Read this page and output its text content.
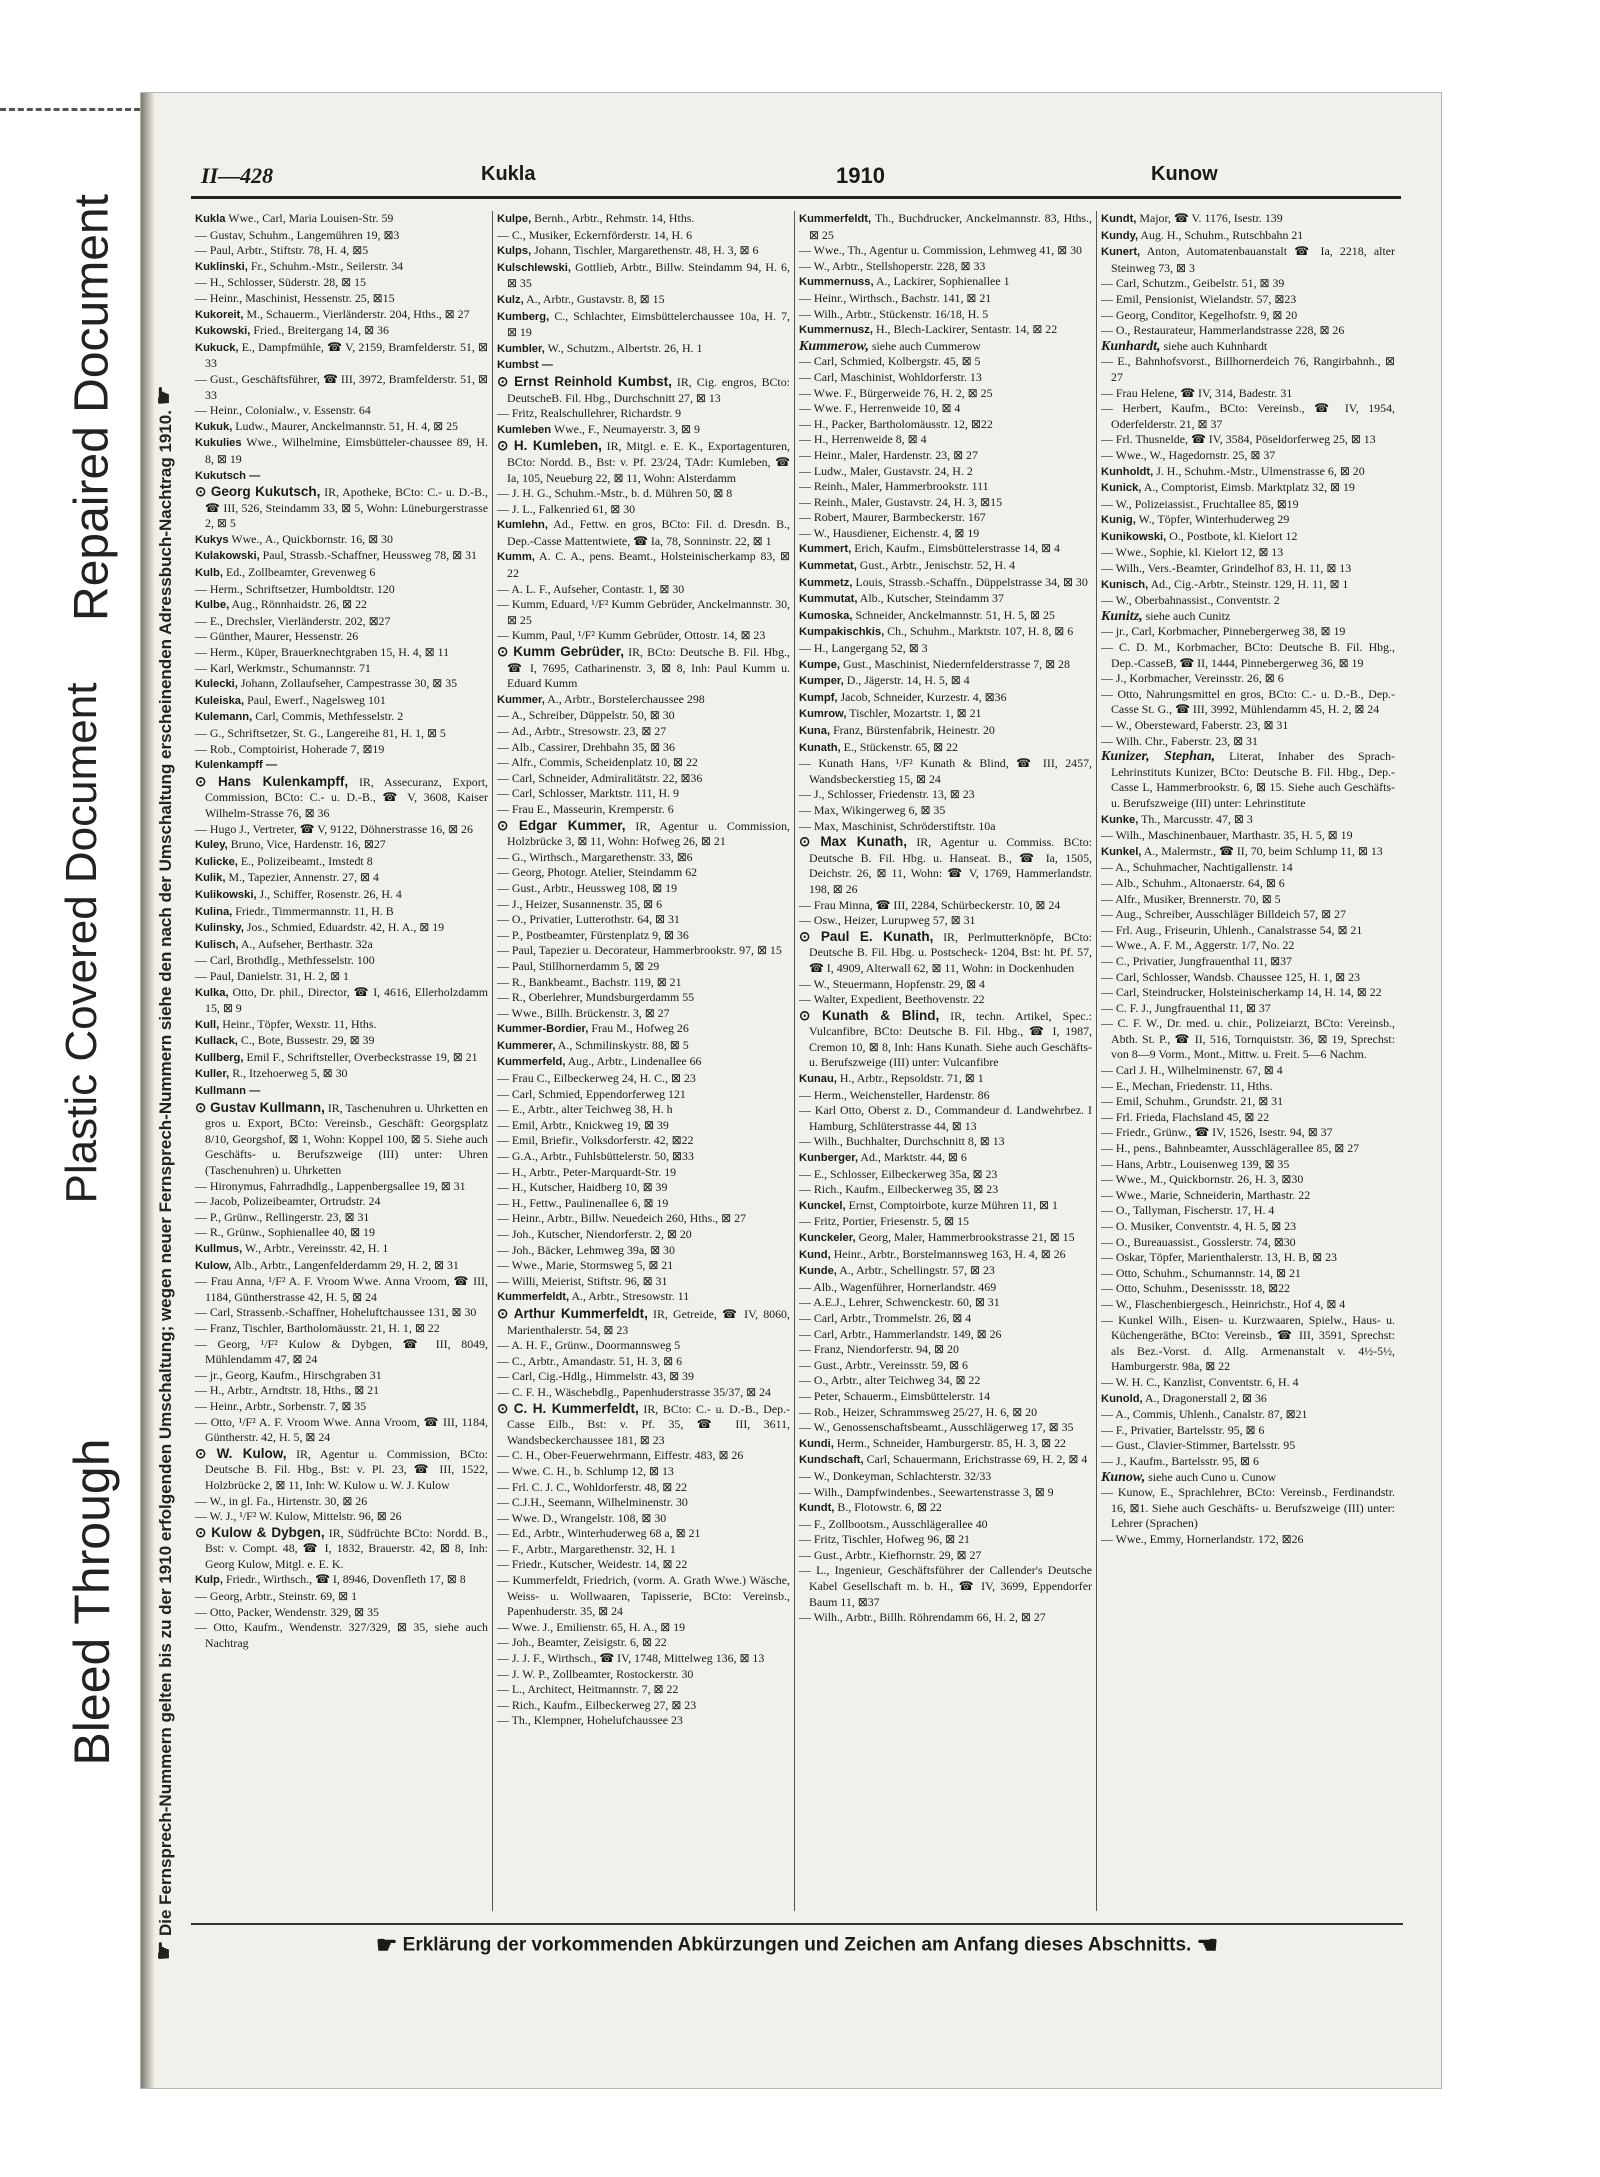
Bleed Through
Plastic Covered Document
Repaired Document
☛ Die Fernsprech-Nummern gelten bis zu der 1910 erfolgenden Umschaltung; wegen neuer Fernsprech-Nummern siehe den nach der Umschaltung erscheinenden Adressbuch-Nachtrag 1910. ☛
II—428	Kukla	1910	Kunow

Kukla Wwe., Carl, Maria Louisen-Str. 59

— Gustav, Schuhm., Langemühren 19, ⊠3

— Paul, Arbtr., Stiftstr. 78, H. 4, ⊠5

Kuklinski, Fr., Schuhm.-Mstr., Seilerstr. 34

— H., Schlosser, Süderstr. 28, ⊠ 15

— Heinr., Maschinist, Hessenstr. 25, ⊠15

Kukoreit, M., Schauerm., Vierländerstr. 204, Hths., ⊠ 27

Kukowski, Fried., Breitergang 14, ⊠ 36

Kukuck, E., Dampfmühle, ☎ V, 2159, Bramfelderstr. 51, ⊠ 33

— Gust., Geschäftsführer, ☎ III, 3972, Bramfelderstr. 51, ⊠ 33

— Heinr., Colonialw., v. Essenstr. 64

Kukuk, Ludw., Maurer, Anckelmannstr. 51, H. 4, ⊠ 25

Kukulies Wwe., Wilhelmine, Eimsbütteler-chaussee 89, H. 8, ⊠ 19

Kukutsch —

⊙ Georg Kukutsch, IR, Apotheke, BCto: C.- u. D.-B., ☎ III, 526, Steindamm 33, ⊠ 5, Wohn: Lüneburgerstrasse 2, ⊠ 5

Kukys Wwe., A., Quickbornstr. 16, ⊠ 30

Kulakowski, Paul, Strassb.-Schaffner, Heussweg 78, ⊠ 31

Kulb, Ed., Zollbeamter, Grevenweg 6

— Herm., Schriftsetzer, Humboldtstr. 120

Kulbe, Aug., Rönnhaidstr. 26, ⊠ 22

— E., Drechsler, Vierländerstr. 202, ⊠27

— Günther, Maurer, Hessenstr. 26

— Herm., Küper, Brauerknechtgraben 15, H. 4, ⊠ 11

— Karl, Werkmstr., Schumannstr. 71

Kulecki, Johann, Zollaufseher, Campestrasse 30, ⊠ 35

Kuleiska, Paul, Ewerf., Nagelsweg 101

Kulemann, Carl, Commis, Methfesselstr. 2

— G., Schriftsetzer, St. G., Langereihe 81, H. 1, ⊠ 5

— Rob., Comptoirist, Hoherade 7, ⊠19

Kulenkampff —

⊙ Hans Kulenkampff, IR, Assecuranz, Export, Commission, BCto: C.- u. D.-B., ☎ V, 3608, Kaiser Wilhelm-Strasse 76, ⊠ 36

— Hugo J., Vertreter, ☎ V, 9122, Döhnerstrasse 16, ⊠ 26

Kuley, Bruno, Vice, Hardenstr. 16, ⊠27

Kulicke, E., Polizeibeamt., Imstedt 8

Kulik, M., Tapezier, Annenstr. 27, ⊠ 4

Kulikowski, J., Schiffer, Rosenstr. 26, H. 4

Kulina, Friedr., Timmermannstr. 11, H. B

Kulinsky, Jos., Schmied, Eduardstr. 42, H. A., ⊠ 19

Kulisch, A., Aufseher, Berthastr. 32a

— Carl, Brothdlg., Methfesselstr. 100

— Paul, Danielstr. 31, H. 2, ⊠ 1

Kulka, Otto, Dr. phil., Director, ☎ I, 4616, Ellerholzdamm 15, ⊠ 9

Kull, Heinr., Töpfer, Wexstr. 11, Hths.

Kullack, C., Bote, Bussestr. 29, ⊠ 39

Kullberg, Emil F., Schriftsteller, Overbeckstrasse 19, ⊠ 21

Kuller, R., Itzehoerweg 5, ⊠ 30

Kullmann —

⊙ Gustav Kullmann, IR, Taschenuhren u. Uhrketten en gros u. Export, BCto: Vereinsb., Geschäft: Georgsplatz 8/10, Georgshof, ⊠ 1, Wohn: Koppel 100, ⊠ 5. Siehe auch Geschäfts- u. Berufszweige (III) unter: Uhren (Taschenuhren) u. Uhrketten

— Hironymus, Fahrradhdlg., Lappenbergsallee 19, ⊠ 31

— Jacob, Polizeibeamter, Ortrudstr. 24

— P., Grünw., Rellingerstr. 23, ⊠ 31

— R., Grünw., Sophienallee 40, ⊠ 19

Kullmus, W., Arbtr., Vereinsstr. 42, H. 1

Kulow, Alb., Arbtr., Langenfelderdamm 29, H. 2, ⊠ 31

— Frau Anna, ¹/F² A. F. Vroom Wwe. Anna Vroom, ☎ III, 1184, Güntherstrasse 42, H. 5, ⊠ 24

— Carl, Strassenb.-Schaffner, Hoheluftchaussee 131, ⊠ 30

— Franz, Tischler, Bartholomäusstr. 21, H. 1, ⊠ 22

— Georg, ¹/F² Kulow & Dybgen, ☎ III, 8049, Mühlendamm 47, ⊠ 24

— jr., Georg, Kaufm., Hirschgraben 31

— H., Arbtr., Arndtstr. 18, Hths., ⊠ 21

— Heinr., Arbtr., Sorbenstr. 7, ⊠ 35

— Otto, ¹/F² A. F. Vroom Wwe. Anna Vroom, ☎ III, 1184, Güntherstr. 42, H. 5, ⊠ 24

⊙ W. Kulow, IR, Agentur u. Commission, BCto: Deutsche B. Fil. Hbg., Bst: v. Pl. 23, ☎ III, 1522, Holzbrücke 2, ⊠ 11, Inh: W. Kulow u. W. J. Kulow

— W., in gl. Fa., Hirtenstr. 30, ⊠ 26

— W. J., ¹/F² W. Kulow, Mittelstr. 96, ⊠ 26

⊙ Kulow & Dybgen, IR, Südfrüchte BCto: Nordd. B., Bst: v. Compt. 48, ☎ I, 1832, Brauerstr. 42, ⊠ 8, Inh: Georg Kulow, Mitgl. e. E. K.

Kulp, Friedr., Wirthsch., ☎ I, 8946, Dovenfleth 17, ⊠ 8

— Georg, Arbtr., Steinstr. 69, ⊠ 1

— Otto, Packer, Wendenstr. 329, ⊠ 35

— Otto, Kaufm., Wendenstr. 327/329, ⊠ 35, siehe auch Nachtrag

Kulpe, Bernh., Arbtr., Rehmstr. 14, Hths.

— C., Musiker, Eckernförderstr. 14, H. 6

Kulps, Johann, Tischler, Margarethenstr. 48, H. 3, ⊠ 6

Kulschlewski, Gottlieb, Arbtr., Billw. Steindamm 94, H. 6, ⊠ 35

Kulz, A., Arbtr., Gustavstr. 8, ⊠ 15

Kumberg, C., Schlachter, Eimsbüttelerchaussee 10a, H. 7, ⊠ 19

Kumbler, W., Schutzm., Albertstr. 26, H. 1

Kumbst —

⊙ Ernst Reinhold Kumbst, IR, Cig. engros, BCto: DeutscheB. Fil. Hbg., Durchschnitt 27, ⊠ 13

— Fritz, Realschullehrer, Richardstr. 9

Kumleben Wwe., F., Neumayerstr. 3, ⊠ 9

⊙ H. Kumleben, IR, Mitgl. e. E. K., Exportagenturen, BCto: Nordd. B., Bst: v. Pf. 23/24, TAdr: Kumleben, ☎ Ia, 105, Neueburg 22, ⊠ 11, Wohn: Alsterdamm

— J. H. G., Schuhm.-Mstr., b. d. Mühren 50, ⊠ 8

— J. L., Falkenried 61, ⊠ 30

Kumlehn, Ad., Fettw. en gros, BCto: Fil. d. Dresdn. B., Dep.-Casse Mattentwiete, ☎ Ia, 78, Sonninstr. 22, ⊠ 1

Kumm, A. C. A., pens. Beamt., Holsteinischerkamp 83, ⊠ 22

— A. L. F., Aufseher, Contastr. 1, ⊠ 30

— Kumm, Eduard, ¹/F² Kumm Gebrüder, Anckelmannstr. 30, ⊠ 25

— Kumm, Paul, ¹/F² Kumm Gebrüder, Ottostr. 14, ⊠ 23

⊙ Kumm Gebrüder, IR, BCto: Deutsche B. Fil. Hbg., ☎ I, 7695, Catharinenstr. 3, ⊠ 8, Inh: Paul Kumm u. Eduard Kumm

Kummer, A., Arbtr., Borstelerchaussee 298

— A., Schreiber, Düppelstr. 50, ⊠ 30

— Ad., Arbtr., Stresowstr. 23, ⊠ 27

— Alb., Cassirer, Drehbahn 35, ⊠ 36

— Alfr., Commis, Scheidenplatz 10, ⊠ 22

— Carl, Schneider, Admiralitätstr. 22, ⊠36

— Carl, Schlosser, Marktstr. 111, H. 9

— Frau E., Masseurin, Kremperstr. 6

⊙ Edgar Kummer, IR, Agentur u. Commission, Holzbrücke 3, ⊠ 11, Wohn: Hofweg 26, ⊠ 21

— G., Wirthsch., Margarethenstr. 33, ⊠6

— Georg, Photogr. Atelier, Steindamm 62

— Gust., Arbtr., Heussweg 108, ⊠ 19

— J., Heizer, Susannenstr. 35, ⊠ 6

— O., Privatier, Lutterothstr. 64, ⊠ 31

— P., Postbeamter, Fürstenplatz 9, ⊠ 36

— Paul, Tapezier u. Decorateur, Hammerbrookstr. 97, ⊠ 15

— Paul, Stillhornerdamm 5, ⊠ 29

— R., Bankbeamt., Bachstr. 119, ⊠ 21

— R., Oberlehrer, Mundsburgerdamm 55

— Wwe., Billh. Brückenstr. 3, ⊠ 27

Kummer-Bordier, Frau M., Hofweg 26

Kummerer, A., Schmilinskystr. 88, ⊠ 5

Kummerfeld, Aug., Arbtr., Lindenallee 66

— Frau C., Eilbeckerweg 24, H. C., ⊠ 23

— Carl, Schmied, Eppendorferweg 121

— E., Arbtr., alter Teichweg 38, H. h

— Emil, Arbtr., Knickweg 19, ⊠ 39

— Emil, Briefir., Volksdorferstr. 42, ⊠22

— G.A., Arbtr., Fuhlsbüttelerstr. 50, ⊠33

— H., Arbtr., Peter-Marquardt-Str. 19

— H., Kutscher, Haidberg 10, ⊠ 39

— H., Fettw., Paulinenallee 6, ⊠ 19

— Heinr., Arbtr., Billw. Neuedeich 260, Hths., ⊠ 27

— Joh., Kutscher, Niendorferstr. 2, ⊠ 20

— Joh., Bäcker, Lehmweg 39a, ⊠ 30

— Wwe., Marie, Stormsweg 5, ⊠ 21

— Willi, Meierist, Stiftstr. 96, ⊠ 31

Kummerfeldt, A., Arbtr., Stresowstr. 11

⊙ Arthur Kummerfeldt, IR, Getreide, ☎ IV, 8060, Marienthalerstr. 54, ⊠ 23

— A. H. F., Grünw., Doormannsweg 5

— C., Arbtr., Amandastr. 51, H. 3, ⊠ 6

— Carl, Cig.-Hdlg., Himmelstr. 43, ⊠ 39

— C. F. H., Wäschebdlg., Papenhuderstrasse 35/37, ⊠ 24

⊙ C. H. Kummerfeldt, IR, BCto: C.- u. D.-B., Dep.-Casse Eilb., Bst: v. Pf. 35, ☎ III, 3611, Wandsbeckerchaussee 181, ⊠ 23

— C. H., Ober-Feuerwehrmann, Eiffestr. 483, ⊠ 26

— Wwe. C. H., b. Schlump 12, ⊠ 13

— Frl. C. J. C., Wohldorferstr. 48, ⊠ 22

— C.J.H., Seemann, Wilhelminenstr. 30

— Wwe. D., Wrangelstr. 108, ⊠ 30

— Ed., Arbtr., Winterhuderweg 68 a, ⊠ 21

— F., Arbtr., Margarethenstr. 32, H. 1

— Friedr., Kutscher, Weidestr. 14, ⊠ 22

— Kummerfeldt, Friedrich, (vorm. A. Grath Wwe.) Wäsche, Weiss- u. Wollwaaren, Tapisserie, BCto: Vereinsb., Papenhuderstr. 35, ⊠ 24

— Wwe. J., Emilienstr. 65, H. A., ⊠ 19

— Joh., Beamter, Zeisigstr. 6, ⊠ 22

— J. J. F., Wirthsch., ☎ IV, 1748, Mittelweg 136, ⊠ 13

— J. W. P., Zollbeamter, Rostockerstr. 30

— L., Architect, Heitmannstr. 7, ⊠ 22

— Rich., Kaufm., Eilbeckerweg 27, ⊠ 23

— Th., Klempner, Hohelufchaussee 23

Kummerfeldt, Th., Buchdrucker, Anckelmannstr. 83, Hths., ⊠ 25

— Wwe., Th., Agentur u. Commission, Lehmweg 41, ⊠ 30

— W., Arbtr., Stellshoperstr. 228, ⊠ 33

Kummernuss, A., Lackirer, Sophienallee 1

— Heinr., Wirthsch., Bachstr. 141, ⊠ 21

— Wilh., Arbtr., Stückenstr. 16/18, H. 5

Kummernusz, H., Blech-Lackirer, Sentastr. 14, ⊠ 22

Kummerow, siehe auch Cummerow

— Carl, Schmied, Kolbergstr. 45, ⊠ 5

— Carl, Maschinist, Wohldorferstr. 13

— Wwe. F., Bürgerweide 76, H. 2, ⊠ 25

— Wwe. F., Herrenweide 10, ⊠ 4

— H., Packer, Bartholomäusstr. 12, ⊠22

— H., Herrenweide 8, ⊠ 4

— Heinr., Maler, Hardenstr. 23, ⊠ 27

— Ludw., Maler, Gustavstr. 24, H. 2

— Reinh., Maler, Hammerbrookstr. 111

— Reinh., Maler, Gustavstr. 24, H. 3, ⊠15

— Robert, Maurer, Barmbeckerstr. 167

— W., Hausdiener, Eichenstr. 4, ⊠ 19

Kummert, Erich, Kaufm., Eimsbüttelerstrasse 14, ⊠ 4

Kummetat, Gust., Arbtr., Jenischstr. 52, H. 4

Kummetz, Louis, Strassb.-Schaffn., Düppelstrasse 34, ⊠ 30

Kummutat, Alb., Kutscher, Steindamm 37

Kumoska, Schneider, Anckelmannstr. 51, H. 5, ⊠ 25

Kumpakischkis, Ch., Schuhm., Marktstr. 107, H. 8, ⊠ 6

— H., Langergang 52, ⊠ 3

Kumpe, Gust., Maschinist, Niedernfelderstrasse 7, ⊠ 28

Kumper, D., Jägerstr. 14, H. 5, ⊠ 4

Kumpf, Jacob, Schneider, Kurzestr. 4, ⊠36

Kumrow, Tischler, Mozartstr. 1, ⊠ 21

Kuna, Franz, Bürstenfabrik, Heinestr. 20

Kunath, E., Stückenstr. 65, ⊠ 22

— Kunath Hans, ¹/F² Kunath & Blind, ☎ III, 2457, Wandsbeckerstieg 15, ⊠ 24

— J., Schlosser, Friedenstr. 13, ⊠ 23

— Max, Wikingerweg 6, ⊠ 35

— Max, Maschinist, Schröderstiftstr. 10a

⊙ Max Kunath, IR, Agentur u. Commiss. BCto: Deutsche B. Fil. Hbg. u. Hanseat. B., ☎ Ia, 1505, Deichstr. 26, ⊠ 11, Wohn: ☎ V, 1769, Hammerlandstr. 198, ⊠ 26

— Frau Minna, ☎ III, 2284, Schürbeckerstr. 10, ⊠ 24

— Osw., Heizer, Lurupweg 57, ⊠ 31

⊙ Paul E. Kunath, IR, Perlmutterknöpfe, BCto: Deutsche B. Fil. Hbg. u. Postscheck- 1204, Bst: ht. Pf. 57, ☎ I, 4909, Alterwall 62, ⊠ 11, Wohn: in Dockenhuden

— W., Steuermann, Hopfenstr. 29, ⊠ 4

— Walter, Expedient, Beethovenstr. 22

⊙ Kunath & Blind, IR, techn. Artikel, Spec.: Vulcanfibre, BCto: Deutsche B. Fil. Hbg., ☎ I, 1987, Cremon 10, ⊠ 8, Inh: Hans Kunath. Siehe auch Geschäfts- u. Berufszweige (III) unter: Vulcanfibre

Kunau, H., Arbtr., Repsoldstr. 71, ⊠ 1

— Herm., Weichensteller, Hardenstr. 86

— Karl Otto, Oberst z. D., Commandeur d. Landwehrbez. I Hamburg, Schlüterstrasse 44, ⊠ 13

— Wilh., Buchhalter, Durchschnitt 8, ⊠ 13

Kunberger, Ad., Marktstr. 44, ⊠ 6

— E., Schlosser, Eilbeckerweg 35a, ⊠ 23

— Rich., Kaufm., Eilbeckerweg 35, ⊠ 23

Kunckel, Ernst, Comptoirbote, kurze Mühren 11, ⊠ 1

— Fritz, Portier, Friesenstr. 5, ⊠ 15

Kunckeler, Georg, Maler, Hammerbrookstrasse 21, ⊠ 15

Kund, Heinr., Arbtr., Borstelmannsweg 163, H. 4, ⊠ 26

Kunde, A., Arbtr., Schellingstr. 57, ⊠ 23

— Alb., Wagenführer, Hornerlandstr. 469

— A.E.J., Lehrer, Schwenckestr. 60, ⊠ 31

— Carl, Arbtr., Trommelstr. 26, ⊠ 4

— Carl, Arbtr., Hammerlandstr. 149, ⊠ 26

— Franz, Niendorferstr. 94, ⊠ 20

— Gust., Arbtr., Vereinsstr. 59, ⊠ 6

— O., Arbtr., alter Teichweg 34, ⊠ 22

— Peter, Schauerm., Eimsbüttelerstr. 14

— Rob., Heizer, Schrammsweg 25/27, H. 6, ⊠ 20

— W., Genossenschaftsbeamt., Ausschlägerweg 17, ⊠ 35

Kundi, Herm., Schneider, Hamburgerstr. 85, H. 3, ⊠ 22

Kundschaft, Carl, Schauermann, Erichstrasse 69, H. 2, ⊠ 4

— W., Donkeyman, Schlachterstr. 32/33

— Wilh., Dampfwindenbes., Seewartenstrasse 3, ⊠ 9

Kundt, B., Flotowstr. 6, ⊠ 22

— F., Zollbootsm., Ausschlägerallee 40

— Fritz, Tischler, Hofweg 96, ⊠ 21

— Gust., Arbtr., Kiefhornstr. 29, ⊠ 27

— L., Ingenieur, Geschäftsführer der Callender's Deutsche Kabel Gesellschaft m. b. H., ☎ IV, 3699, Eppendorfer Baum 11, ⊠37

— Wilh., Arbtr., Billh. Röhrendamm 66, H. 2, ⊠ 27

Kundt, Major, ☎ V. 1176, Isestr. 139

Kundy, Aug. H., Schuhm., Rutschbahn 21

Kunert, Anton, Automatenbauanstalt ☎ Ia, 2218, alter Steinweg 73, ⊠ 3

— Carl, Schutzm., Geibelstr. 51, ⊠ 39

— Emil, Pensionist, Wielandstr. 57, ⊠23

— Georg, Conditor, Kegelhofstr. 9, ⊠ 20

— O., Restaurateur, Hammerlandstrasse 228, ⊠ 26

Kunhardt, siehe auch Kuhnhardt

— E., Bahnhofsvorst., Billhornerdeich 76, Rangirbahnh., ⊠ 27

— Frau Helene, ☎ IV, 314, Badestr. 31

— Herbert, Kaufm., BCto: Vereinsb., ☎ IV, 1954, Oderfelderstr. 21, ⊠ 37

— Frl. Thusnelde, ☎ IV, 3584, Pöseldorferweg 25, ⊠ 13

— Wwe., W., Hagedornstr. 25, ⊠ 37

Kunholdt, J. H., Schuhm.-Mstr., Ulmenstrasse 6, ⊠ 20

Kunick, A., Comptorist, Eimsb. Marktplatz 32, ⊠ 19

— W., Polizeiassist., Fruchtallee 85, ⊠19

Kunig, W., Töpfer, Winterhuderweg 29

Kunikowski, O., Postbote, kl. Kielort 12

— Wwe., Sophie, kl. Kielort 12, ⊠ 13

— Wilh., Vers.-Beamter, Grindelhof 83, H. 11, ⊠ 13

Kunisch, Ad., Cig.-Arbtr., Steinstr. 129, H. 11, ⊠ 1

— W., Oberbahnassist., Conventstr. 2

Kunitz, siehe auch Cunitz

— jr., Carl, Korbmacher, Pinnebergerweg 38, ⊠ 19

— C. D. M., Korbmacher, BCto: Deutsche B. Fil. Hbg., Dep.-CasseB, ☎ II, 1444, Pinnebergerweg 36, ⊠ 19

— J., Korbmacher, Vereinsstr. 26, ⊠ 6

— Otto, Nahrungsmittel en gros, BCto: C.- u. D.-B., Dep.-Casse St. G., ☎ III, 3992, Mühlendamm 45, H. 2, ⊠ 24

— W., Obersteward, Faberstr. 23, ⊠ 31

— Wilh. Chr., Faberstr. 23, ⊠ 31

Kunizer, Stephan, Literat, Inhaber des Sprach-Lehrinstituts Kunizer, BCto: Deutsche B. Fil. Hbg., Dep.-Casse L, Hammerbrookstr. 6, ⊠ 15. Siehe auch Geschäfts- u. Berufszweige (III) unter: Lehrinstitute

Kunke, Th., Marcusstr. 47, ⊠ 3

— Wilh., Maschinenbauer, Marthastr. 35, H. 5, ⊠ 19

Kunkel, A., Malermstr., ☎ II, 70, beim Schlump 11, ⊠ 13

— A., Schuhmacher, Nachtigallenstr. 14

— Alb., Schuhm., Altonaerstr. 64, ⊠ 6

— Alfr., Musiker, Brennerstr. 70, ⊠ 5

— Aug., Schreiber, Ausschläger Billdeich 57, ⊠ 27

— Frl. Aug., Friseurin, Uhlenh., Canalstrasse 54, ⊠ 21

— Wwe., A. F. M., Aggerstr. 1/7, No. 22

— C., Privatier, Jungfrauenthal 11, ⊠37

— Carl, Schlosser, Wandsb. Chaussee 125, H. 1, ⊠ 23

— Carl, Steindrucker, Holsteinischerkamp 14, H. 14, ⊠ 22

— C. F. J., Jungfrauenthal 11, ⊠ 37

— C. F. W., Dr. med. u. chir., Polizeiarzt, BCto: Vereinsb., Abth. St. P., ☎ II, 516, Tornquiststr. 36, ⊠ 19, Sprechst: von 8—9 Vorm., Mont., Mittw. u. Freit. 5—6 Nachm.

— Carl J. H., Wilhelminenstr. 67, ⊠ 4

— E., Mechan, Friedenstr. 11, Hths.

— Emil, Schuhm., Grundstr. 21, ⊠ 31

— Frl. Frieda, Flachsland 45, ⊠ 22

— Friedr., Grünw., ☎ IV, 1526, Isestr. 94, ⊠ 37

— H., pens., Bahnbeamter, Ausschlägerallee 85, ⊠ 27

— Hans, Arbtr., Louisenweg 139, ⊠ 35

— Wwe., M., Quickbornstr. 26, H. 3, ⊠30

— Wwe., Marie, Schneiderin, Marthastr. 22

— O., Tallyman, Fischerstr. 17, H. 4

— O. Musiker, Conventstr. 4, H. 5, ⊠ 23

— O., Bureauassist., Gosslerstr. 74, ⊠30

— Oskar, Töpfer, Marienthalerstr. 13, H. B, ⊠ 23

— Otto, Schuhm., Schumannstr. 14, ⊠ 21

— Otto, Schuhm., Desenissstr. 18, ⊠22

— W., Flaschenbiergesch., Heinrichstr., Hof 4, ⊠ 4

— Kunkel Wilh., Eisen- u. Kurzwaaren, Spielw., Haus- u. Küchengeräthe, BCto: Vereinsb., ☎ III, 3591, Sprechst: als Bez.-Vorst. d. Allg. Armenanstalt v. 4½-5½, Hamburgerstr. 98a, ⊠ 22

— W. H. C., Kanzlist, Conventstr. 6, H. 4

Kunold, A., Dragonerstall 2, ⊠ 36

— A., Commis, Uhlenh., Canalstr. 87, ⊠21

— F., Privatier, Bartelsstr. 95, ⊠ 6

— Gust., Clavier-Stimmer, Bartelsstr. 95

— J., Kaufm., Bartelsstr. 95, ⊠ 6

Kunow, siehe auch Cuno u. Cunow

— Kunow, E., Sprachlehrer, BCto: Vereinsb., Ferdinandstr. 16, ⊠1. Siehe auch Geschäfts- u. Berufszweige (III) unter: Lehrer (Sprachen)

— Wwe., Emmy, Hornerlandstr. 172, ⊠26

☛ Erklärung der vorkommenden Abkürzungen und Zeichen am Anfang dieses Abschnitts. ☚
